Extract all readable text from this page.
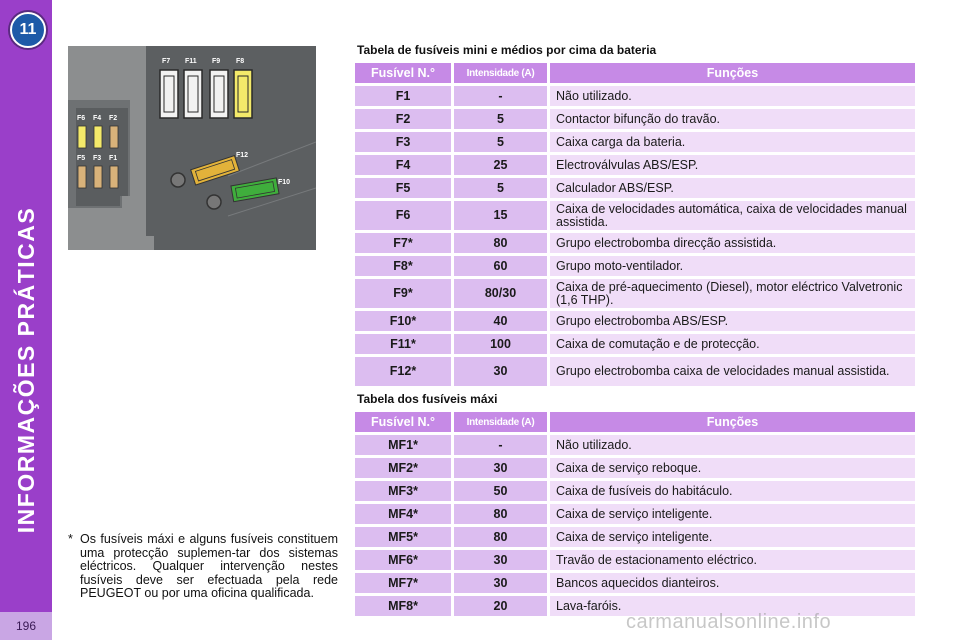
11
INFORMAÇÕES PRÁTICAS
196
F7 F11 F9 F8
F6 F4 F2
F5 F3 F1	F12
F10
Tabela de fusíveis mini e médios por cima da bateria
Fusível N.°	Intensidade (A)	Funções
F1	-	Não utilizado.
F2	5	Contactor bifunção do travão.
F3	5	Caixa carga da bateria.
F4	25	Electroválvulas ABS/ESP.
F5	5	Calculador ABS/ESP.
F6	15	Caixa de velocidades automática, caixa de velocidades manual assistida.
F7*	80	Grupo electrobomba direcção assistida.
F8*	60	Grupo moto-ventilador.
F9*	80/30	Caixa de pré-aquecimento (Diesel), motor eléctrico Valvetronic (1,6 THP).
F10*	40	Grupo electrobomba ABS/ESP.
F11*	100	Caixa de comutação e de protecção.
F12*	30	Grupo electrobomba caixa de velocidades manual assistida.
Tabela dos fusíveis máxi
Fusível N.°	Intensidade (A)	Funções
MF1*	-	Não utilizado.
MF2*	30	Caixa de serviço reboque.
MF3*	50	Caixa de fusíveis do habitáculo.
MF4*	80	Caixa de serviço inteligente.
MF5*	80	Caixa de serviço inteligente.
MF6*	30	Travão de estacionamento eléctrico.
MF7*	30	Bancos aquecidos dianteiros.
MF8*	20	Lava-faróis.
* Os fusíveis máxi e alguns fusíveis constituem uma protecção suplemen-tar dos sistemas eléctricos. Qualquer intervenção nestes fusíveis deve ser efectuada pela rede PEUGEOT ou por uma oficina qualificada.
carmanualsonline.info
